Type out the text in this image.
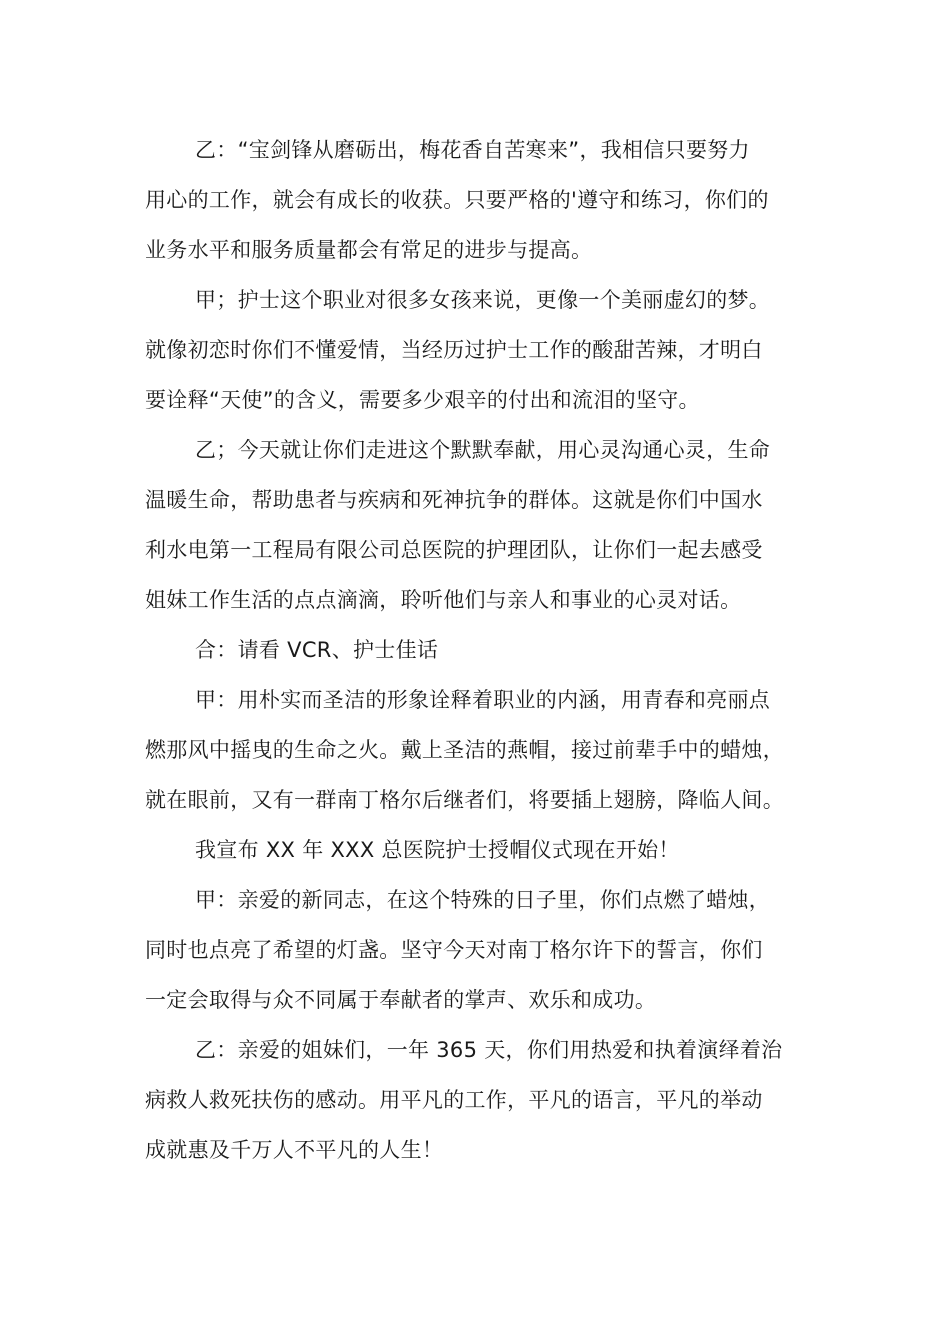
乙：“宝剑锋从磨砺出，梅花香自苦寒来”，我相信只要努力
用心的工作，就会有成长的收获。只要严格的'遵守和练习，你们的
业务水平和服务质量都会有常足的进步与提高。
甲；护士这个职业对很多女孩来说，更像一个美丽虚幻的梦。
就像初恋时你们不懂爱情，当经历过护士工作的酸甜苦辣，才明白
要诠释“天使”的含义，需要多少艰辛的付出和流泪的坚守。
乙；今天就让你们走进这个默默奉献，用心灵沟通心灵，生命
温暖生命，帮助患者与疾病和死神抗争的群体。这就是你们中国水
利水电第一工程局有限公司总医院的护理团队，让你们一起去感受
姐妹工作生活的点点滴滴，聆听他们与亲人和事业的心灵对话。
合：请看 VCR、护士佳话
甲：用朴实而圣洁的形象诠释着职业的内涵，用青春和亮丽点
燃那风中摇曳的生命之火。戴上圣洁的燕帽，接过前辈手中的蜡烛，
就在眼前，又有一群南丁格尔后继者们，将要插上翅膀，降临人间。
我宣布 XX 年 XXX 总医院护士授帽仪式现在开始！
甲：亲爱的新同志，在这个特殊的日子里，你们点燃了蜡烛，
同时也点亮了希望的灯盏。坚守今天对南丁格尔许下的誓言，你们
一定会取得与众不同属于奉献者的掌声、欢乐和成功。
乙：亲爱的姐妹们，一年 365 天，你们用热爱和执着演绎着治
病救人救死扶伤的感动。用平凡的工作，平凡的语言，平凡的举动
成就惠及千万人不平凡的人生！
